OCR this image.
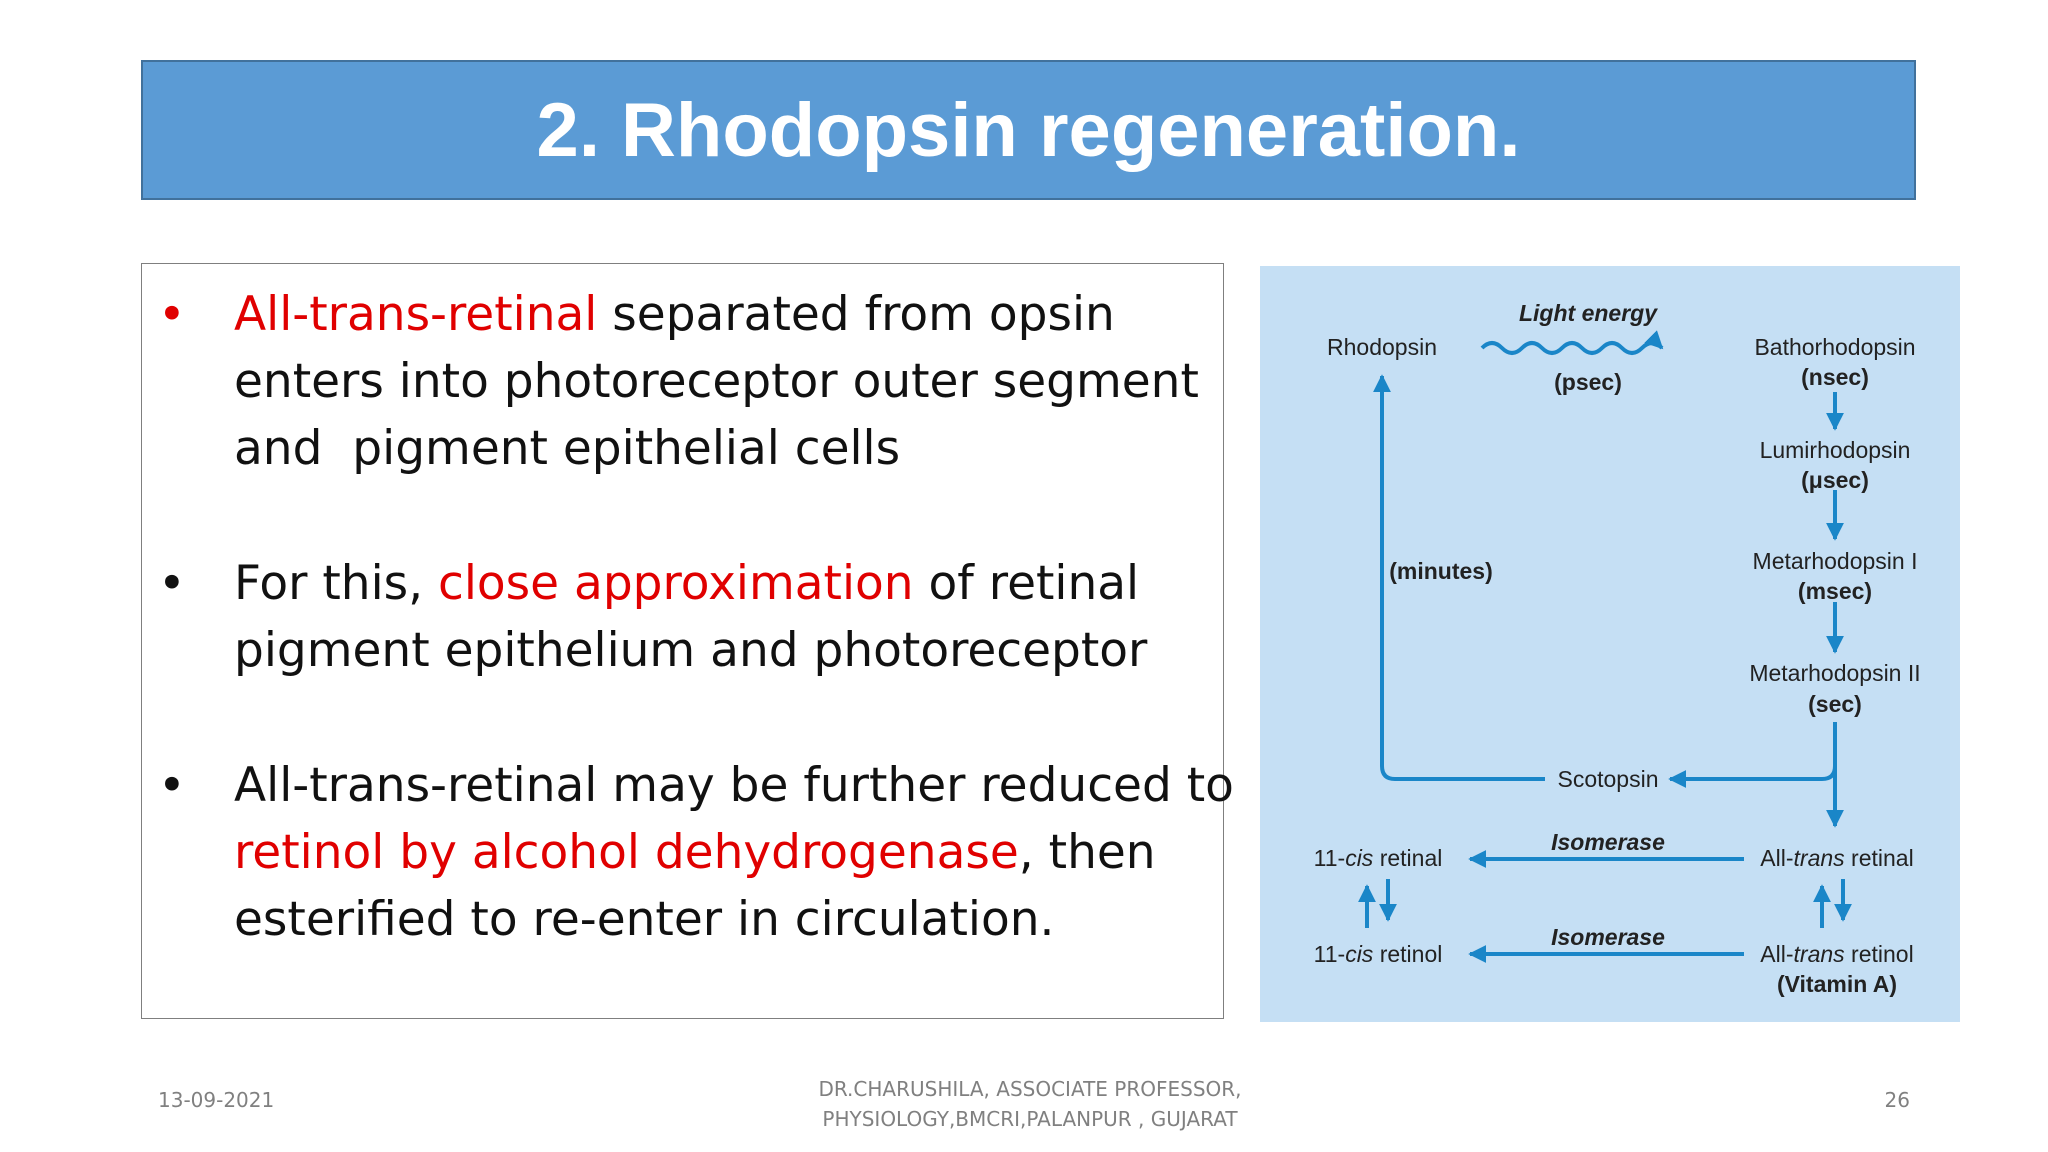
2. Rhodopsin regeneration.
• All-trans-retinal separated from opsin
enters into photoreceptor outer segment
and  pigment epithelial cells
• For this, close approximation of retinal
pigment epithelium and photoreceptor
• All-trans-retinal may be further reduced to
retinol by alcohol dehydrogenase, then
esterified to re-enter in circulation.
Rhodopsin
Light energy
(psec)
Bathorhodopsin
(nsec)
Lumirhodopsin
(μsec)
Metarhodopsin I
(msec)
Metarhodopsin II
(sec)
(minutes)
Scotopsin
Isomerase
Isomerase
11-cis retinal
11-cis retinol
All-trans retinal
All-trans retinol
(Vitamin A)
13-09-2021	DR.CHARUSHILA, ASSOCIATE PROFESSOR,
PHYSIOLOGY,BMCRI,PALANPUR , GUJARAT
26
